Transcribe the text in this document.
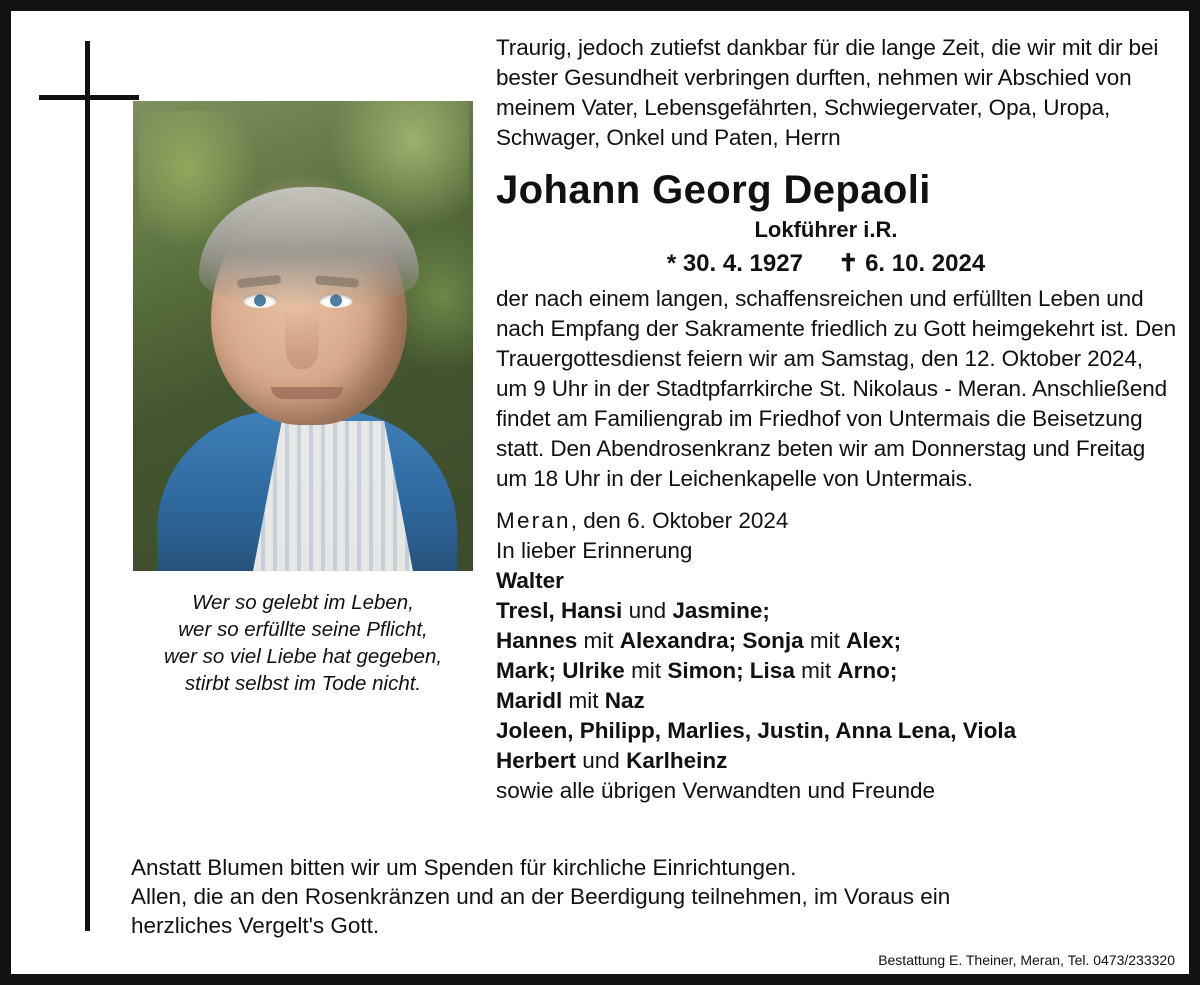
Wer so gelebt im Leben,
wer so erfüllte seine Pflicht,
wer so viel Liebe hat gegeben,
stirbt selbst im Tode nicht.
Traurig, jedoch zutiefst dankbar für die lange Zeit, die wir mit dir bei bester Gesundheit verbringen durften, nehmen wir Abschied von meinem Vater, Lebensgefährten, Schwiegervater, Opa, Uropa, Schwager, Onkel und Paten, Herrn
Johann Georg Depaoli
Lokführer i.R.
* 30. 4. 1927 ✝ 6. 10. 2024
der nach einem langen, schaffensreichen und erfüllten Leben und nach Empfang der Sakramente friedlich zu Gott heimgekehrt ist. Den Trauergottesdienst feiern wir am Samstag, den 12. Oktober 2024, um 9 Uhr in der Stadtpfarrkirche St. Nikolaus - Meran. Anschließend findet am Familiengrab im Friedhof von Untermais die Beisetzung statt. Den Abendrosenkranz beten wir am Donnerstag und Freitag um 18 Uhr in der Leichenkapelle von Untermais.
Meran, den 6. Oktober 2024
In lieber Erinnerung
Walter
Tresl, Hansi und Jasmine;
Hannes mit Alexandra; Sonja mit Alex;
Mark; Ulrike mit Simon; Lisa mit Arno;
Maridl mit Naz
Joleen, Philipp, Marlies, Justin, Anna Lena, Viola
Herbert und Karlheinz
sowie alle übrigen Verwandten und Freunde
Anstatt Blumen bitten wir um Spenden für kirchliche Einrichtungen.
Allen, die an den Rosenkränzen und an der Beerdigung teilnehmen, im Voraus ein
herzliches Vergelt's Gott.
Bestattung E. Theiner, Meran, Tel. 0473/233320
